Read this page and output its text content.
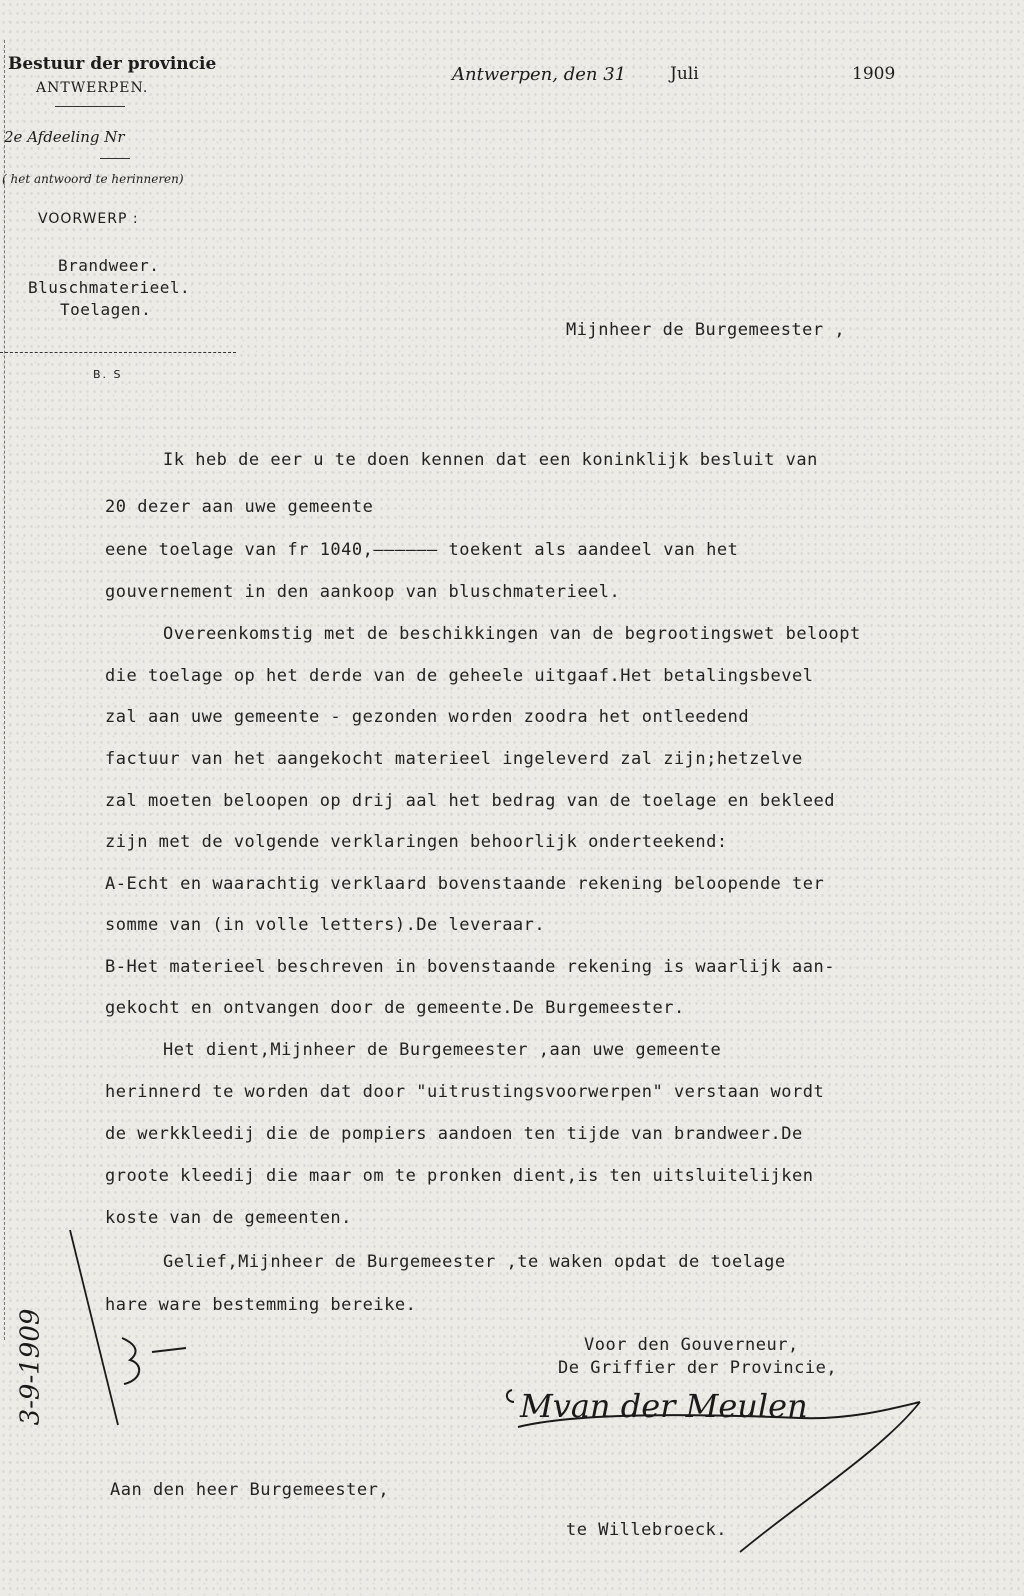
Bestuur der provincie
ANTWERPEN.
2e Afdeeling Nr
( het antwoord te herinneren)
VOORWERP :
Brandweer.
Bluschmaterieel.
Toelagen.
B. S
Antwerpen, den 31	Juli	1909
Mijnheer de Burgemeester ,
Ik heb de eer u te doen kennen dat een koninklijk besluit van
20 dezer aan uwe gemeente
eene toelage van fr 1040,—————— toekent als aandeel van het
gouvernement in den aankoop van bluschmaterieel.
Overeenkomstig met de beschikkingen van de begrootingswet beloopt
die toelage op het derde van de geheele uitgaaf.Het betalingsbevel
zal aan uwe gemeente - gezonden worden zoodra het ontleedend
factuur van het aangekocht materieel ingeleverd zal zijn;hetzelve
zal moeten beloopen op drij aal het bedrag van de toelage en bekleed
zijn met de volgende verklaringen behoorlijk onderteekend:
A-Echt en waarachtig verklaard bovenstaande rekening beloopende ter
somme van (in volle letters).De leveraar.
B-Het materieel beschreven in bovenstaande rekening is waarlijk aan-
gekocht en ontvangen door de gemeente.De Burgemeester.
Het dient,Mijnheer de Burgemeester ,aan uwe gemeente
herinnerd te worden dat door "uitrustingsvoorwerpen" verstaan wordt
de werkkleedij die de pompiers aandoen ten tijde van brandweer.De
groote kleedij die maar om te pronken dient,is ten uitsluitelijken
koste van de gemeenten.
Gelief,Mijnheer de Burgemeester ,te waken opdat de toelage
hare ware bestemming bereike.
Voor den Gouverneur,
De Griffier der Provincie,
Mvan der Meulen
3-9-1909
Aan den heer Burgemeester,
te Willebroeck.
